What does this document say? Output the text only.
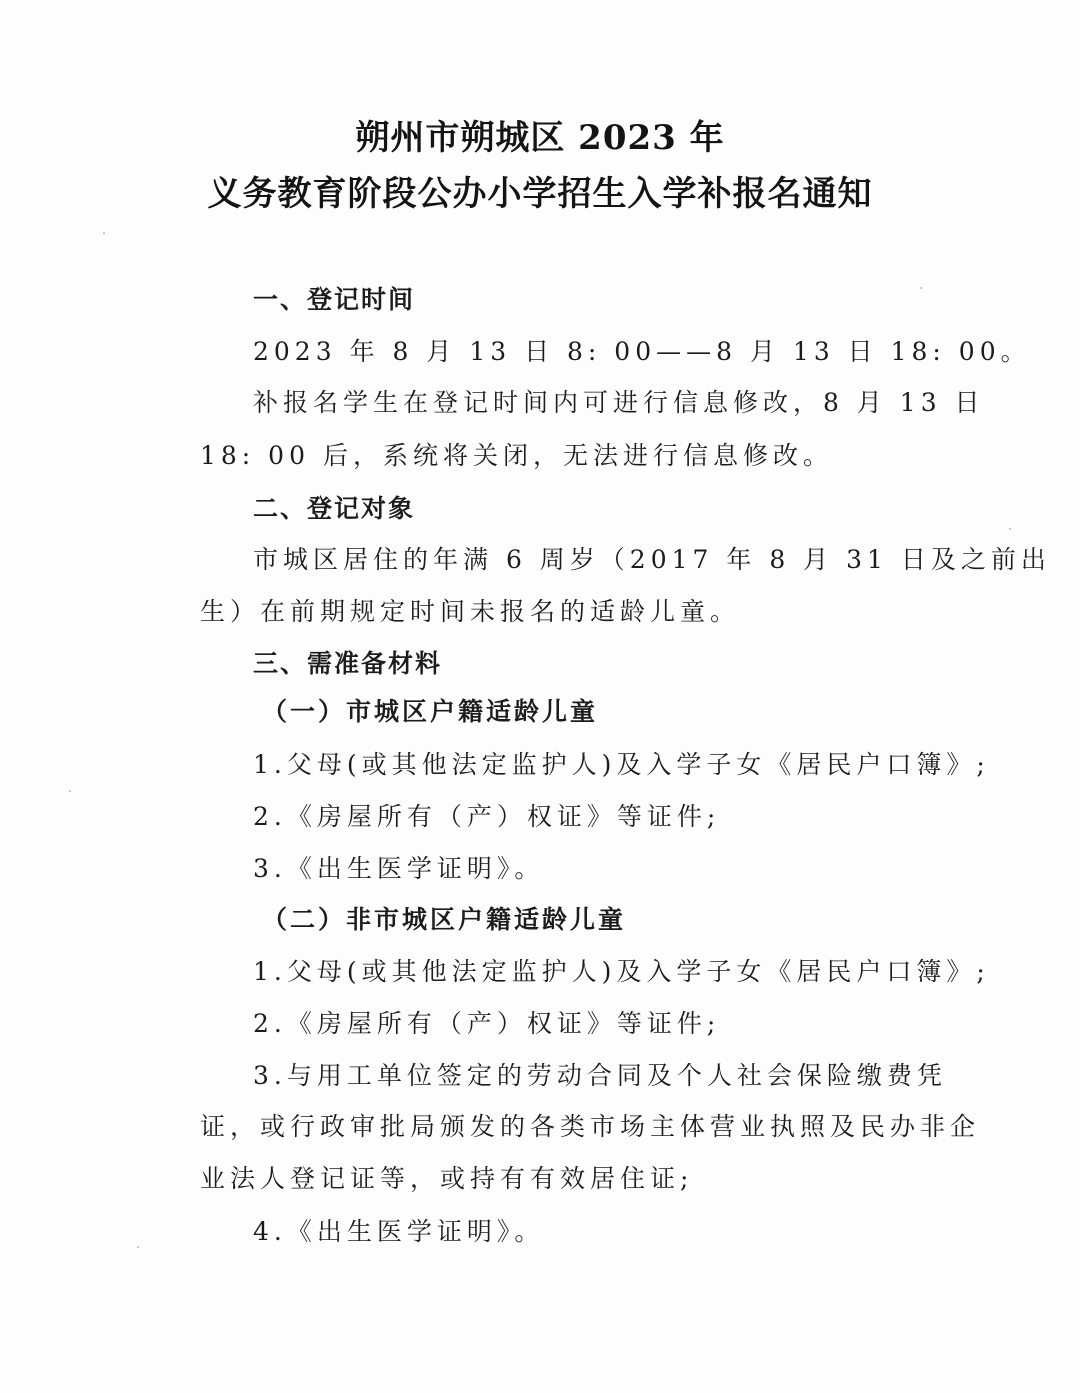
朔州市朔城区 2023 年
义务教育阶段公办小学招生入学补报名通知
一、登记时间
2023 年 8 月 13 日 8: 00——8 月 13 日 18: 00。
补报名学生在登记时间内可进行信息修改，8 月 13 日
18: 00 后，系统将关闭，无法进行信息修改。
二、登记对象
市城区居住的年满 6 周岁（2017 年 8 月 31 日及之前出
生）在前期规定时间未报名的适龄儿童。
三、需准备材料
（一）市城区户籍适龄儿童
1.父母(或其他法定监护人)及入学子女《居民户口簿》;
2.《房屋所有（产）权证》等证件;
3.《出生医学证明》。
（二）非市城区户籍适龄儿童
1.父母(或其他法定监护人)及入学子女《居民户口簿》;
2.《房屋所有（产）权证》等证件;
3.与用工单位签定的劳动合同及个人社会保险缴费凭
证，或行政审批局颁发的各类市场主体营业执照及民办非企
业法人登记证等，或持有有效居住证;
4.《出生医学证明》。
